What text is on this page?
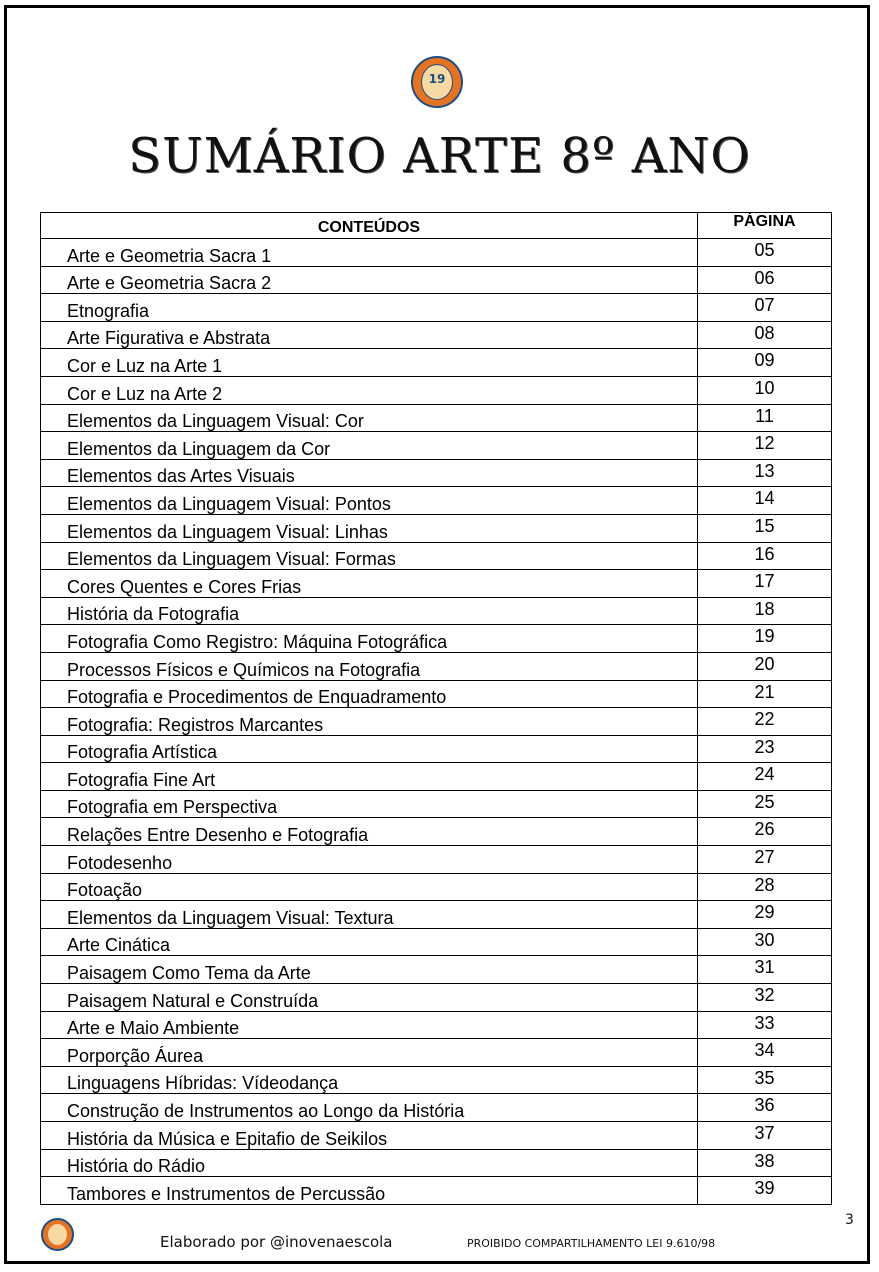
19
SUMÁRIO ARTE 8º ANO
CONTEÚDOS	PÁGINA
Arte e Geometria Sacra 1	05
Arte e Geometria Sacra 2	06
Etnografia	07
Arte Figurativa e Abstrata	08
Cor e Luz na Arte 1	09
Cor e Luz na Arte 2	10
Elementos da Linguagem Visual: Cor	11
Elementos da Linguagem da Cor	12
Elementos das Artes Visuais	13
Elementos da Linguagem Visual: Pontos	14
Elementos da Linguagem Visual: Linhas	15
Elementos da Linguagem Visual: Formas	16
Cores Quentes e Cores Frias	17
História da Fotografia	18
Fotografia Como Registro: Máquina Fotográfica	19
Processos Físicos e Químicos na Fotografia	20
Fotografia e Procedimentos de Enquadramento	21
Fotografia: Registros Marcantes	22
Fotografia Artística	23
Fotografia Fine Art	24
Fotografia em Perspectiva	25
Relações Entre Desenho e Fotografia	26
Fotodesenho	27
Fotoação	28
Elementos da Linguagem Visual: Textura	29
Arte Cinática	30
Paisagem Como Tema da Arte	31
Paisagem Natural e Construída	32
Arte e Maio Ambiente	33
Porporção Áurea	34
Linguagens Híbridas: Vídeodança	35
Construção de Instrumentos ao Longo da História	36
História da Música e Epitafio de Seikilos	37
História do Rádio	38
Tambores e Instrumentos de Percussão	39
Elaborado por @inovenaescola	PROIBIDO COMPARTILHAMENTO LEI 9.610/98
3
